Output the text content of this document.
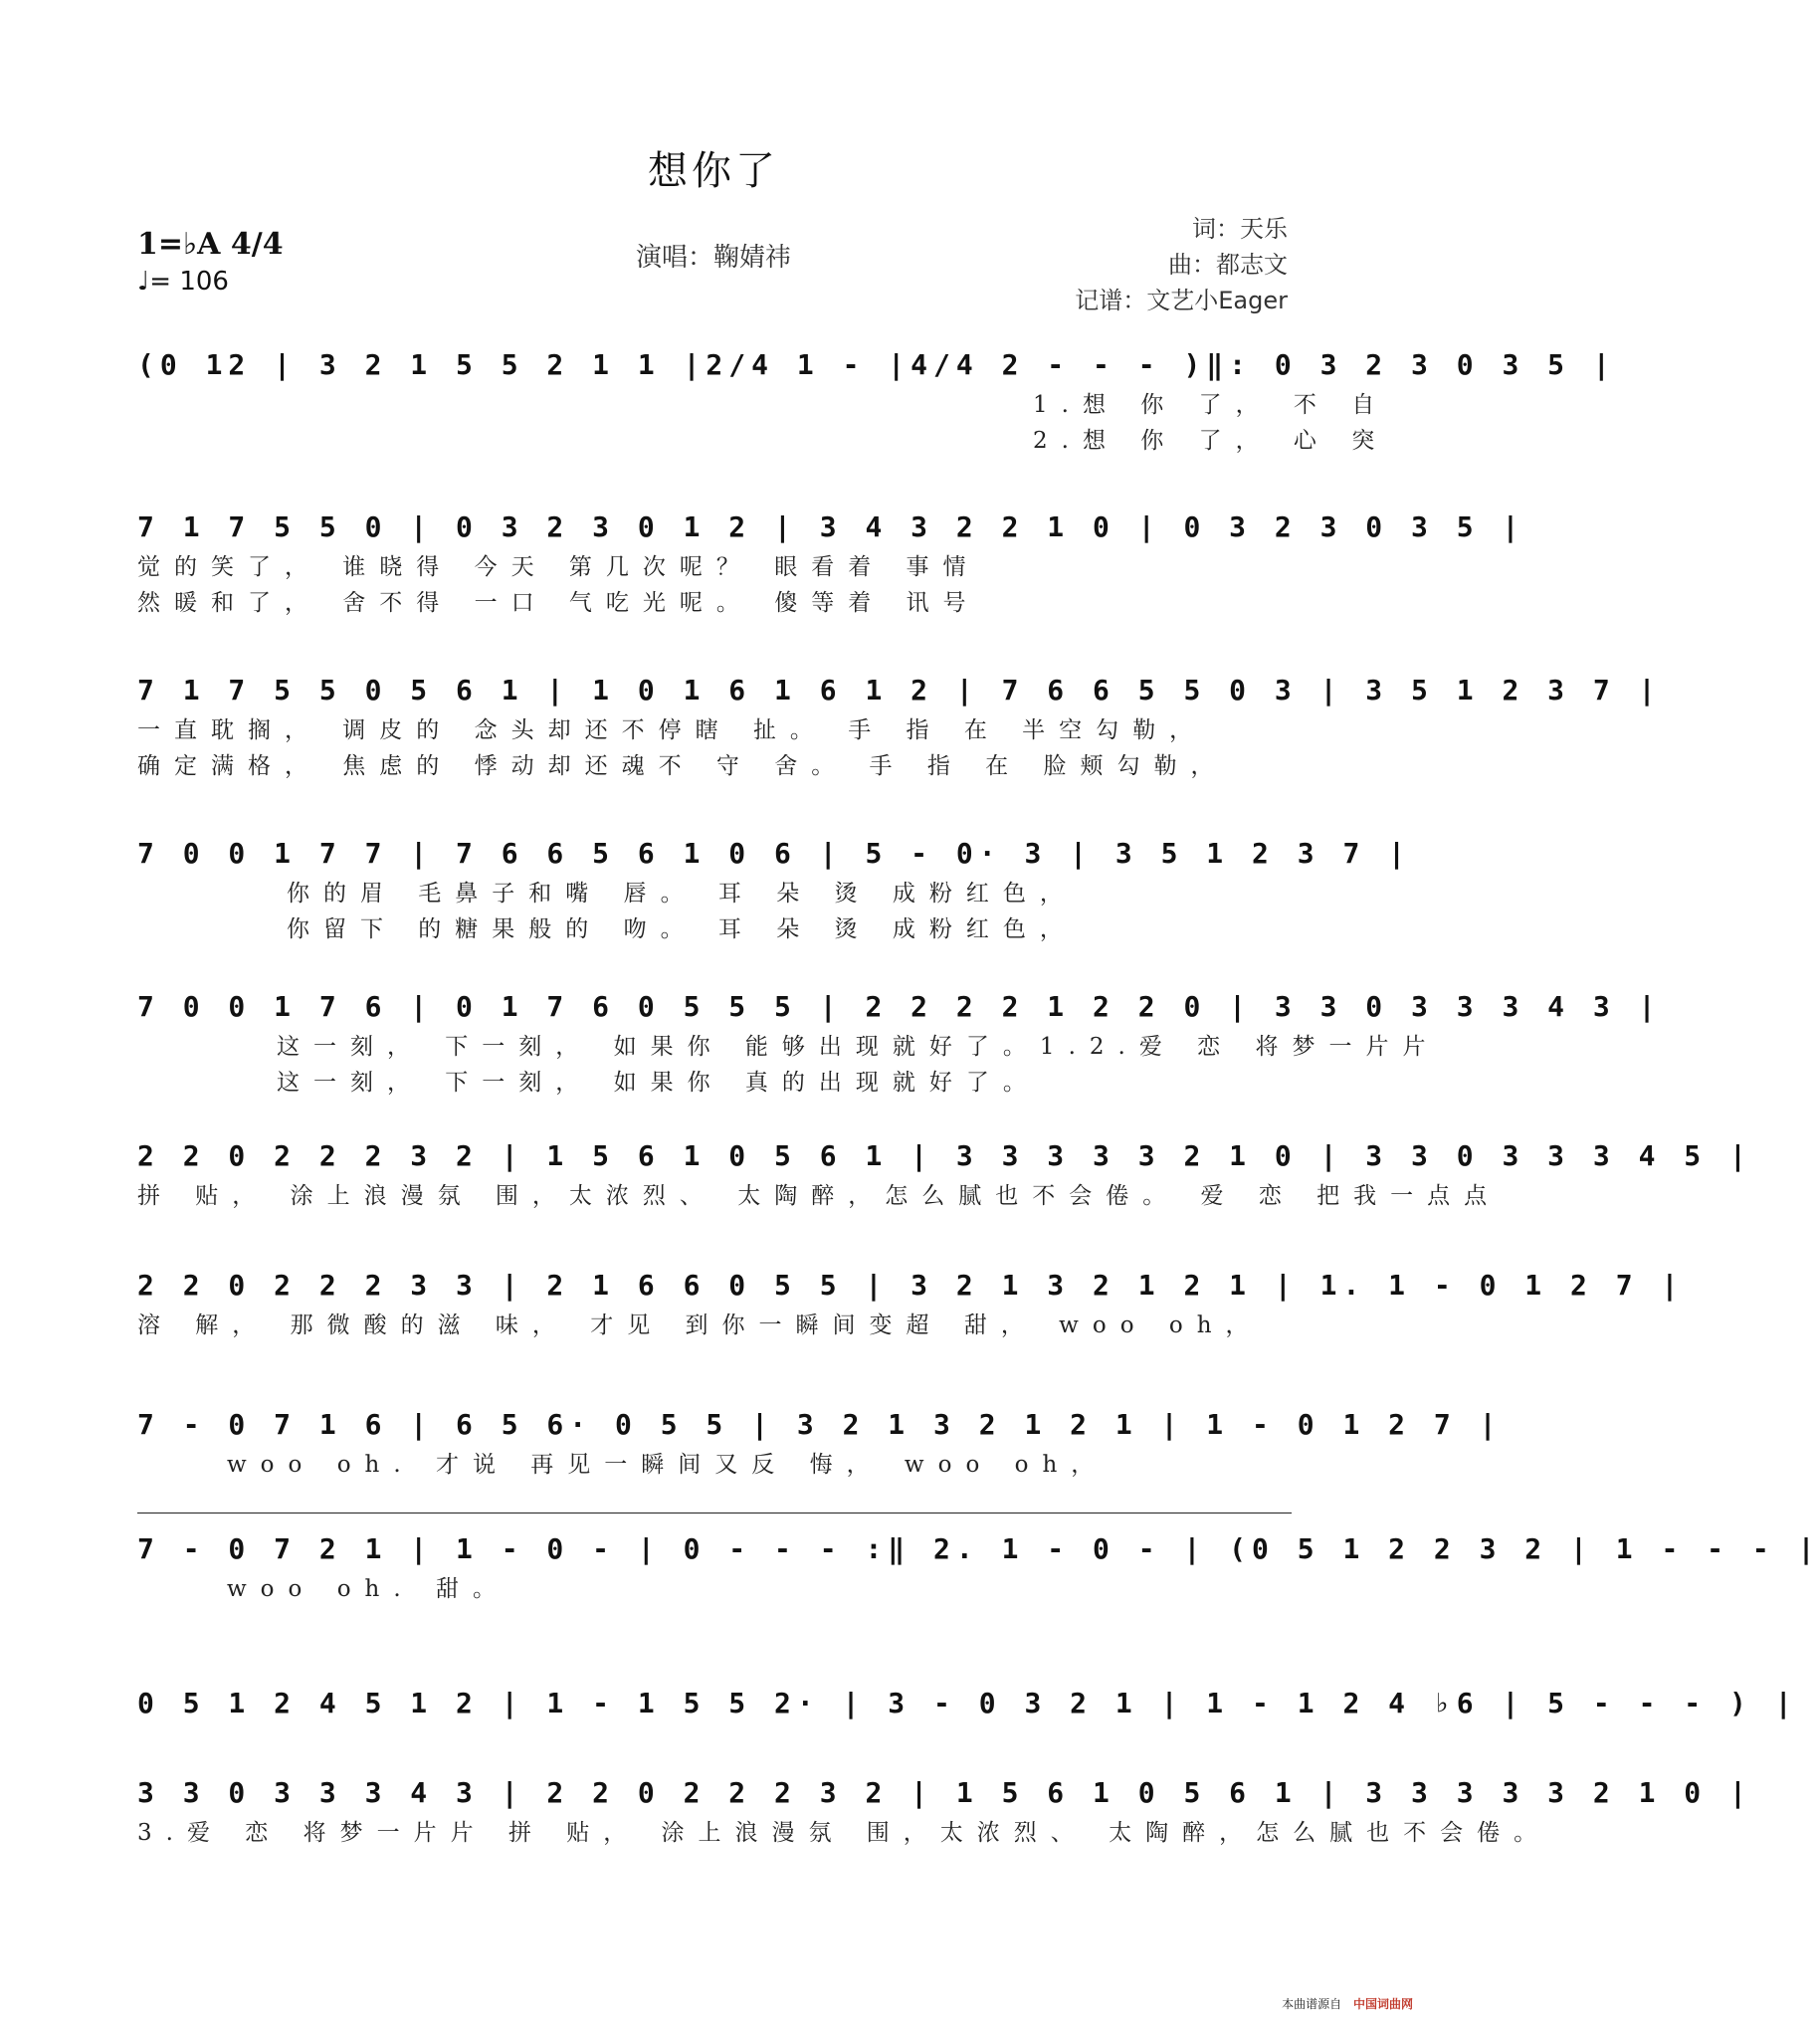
想你了
1=♭A 4/4
♩= 106
演唱：鞠婧祎
词：天乐
曲：都志文
记谱：文艺小Eager
(0 12 | 3 2 1 5 5 2 1 1 |2/4 1 - |4/4 2 - - - )‖: 0 3 2 3 0 3 5 |
1.想 你 了， 不 自
2.想 你 了， 心 突
7 1 7 5 5 0 | 0 3 2 3 0 1 2 | 3 4 3 2 2 1 0 | 0 3 2 3 0 3 5 |
觉的笑了， 谁晓得 今天 第几次呢？ 眼看着 事情
然暖和了， 舍不得 一口 气吃光呢。 傻等着 讯号
7 1 7 5 5 0 5 6 1 | 1 0 1 6 1 6 1 2 | 7 6 6 5 5 0 3 | 3 5 1 2 3 7 |
一直耽搁， 调皮的 念头却还不停瞎 扯。 手 指 在 半空勾勒，
确定满格， 焦虑的 悸动却还魂不 守 舍。 手 指 在 脸颊勾勒，
7 0 0 1 7 7 | 7 6 6 5 6 1 0 6 | 5 - 0· 3 | 3 5 1 2 3 7 |
你的眉 毛鼻子和嘴 唇。 耳 朵 烫 成粉红色，
你留下 的糖果般的 吻。 耳 朵 烫 成粉红色，
7 0 0 1 7 6 | 0 1 7 6 0 5 5 5 | 2 2 2 2 1 2 2 0 | 3 3 0 3 3 3 4 3 |
这一刻， 下一刻， 如果你 能够出现就好了。1.2.爱 恋 将梦一片片
这一刻， 下一刻， 如果你 真的出现就好了。
2 2 0 2 2 2 3 2 | 1 5 6 1 0 5 6 1 | 3 3 3 3 3 2 1 0 | 3 3 0 3 3 3 4 5 |
拼 贴， 涂上浪漫氛 围，太浓烈、 太陶醉，怎么腻也不会倦。 爱 恋 把我一点点
2 2 0 2 2 2 3 3 | 2 1 6 6 0 5 5 | 3 2 1 3 2 1 2 1 | 1. 1 - 0 1 2 7 |
溶 解， 那微酸的滋 味， 才见 到你一瞬间变超 甜， woo oh，
7 - 0 7 1 6 | 6 5 6· 0 5 5 | 3 2 1 3 2 1 2 1 | 1 - 0 1 2 7 |
woo oh. 才说 再见一瞬间又反 悔， woo oh，
7 - 0 7 2 1 | 1 - 0 - | 0 - - - :‖ 2. 1 - 0 - | (0 5 1 2 2 3 2 | 1 - - - |
woo oh. 甜。
0 5 1 2 4 5 1 2 | 1 - 1 5 5 2· | 3 - 0 3 2 1 | 1 - 1 2 4 ♭6 | 5 - - - ) |
3 3 0 3 3 3 4 3 | 2 2 0 2 2 2 3 2 | 1 5 6 1 0 5 6 1 | 3 3 3 3 3 2 1 0 |
3.爱 恋 将梦一片片 拼 贴， 涂上浪漫氛 围，太浓烈、 太陶醉，怎么腻也不会倦。
本曲谱源自 中国词曲网
